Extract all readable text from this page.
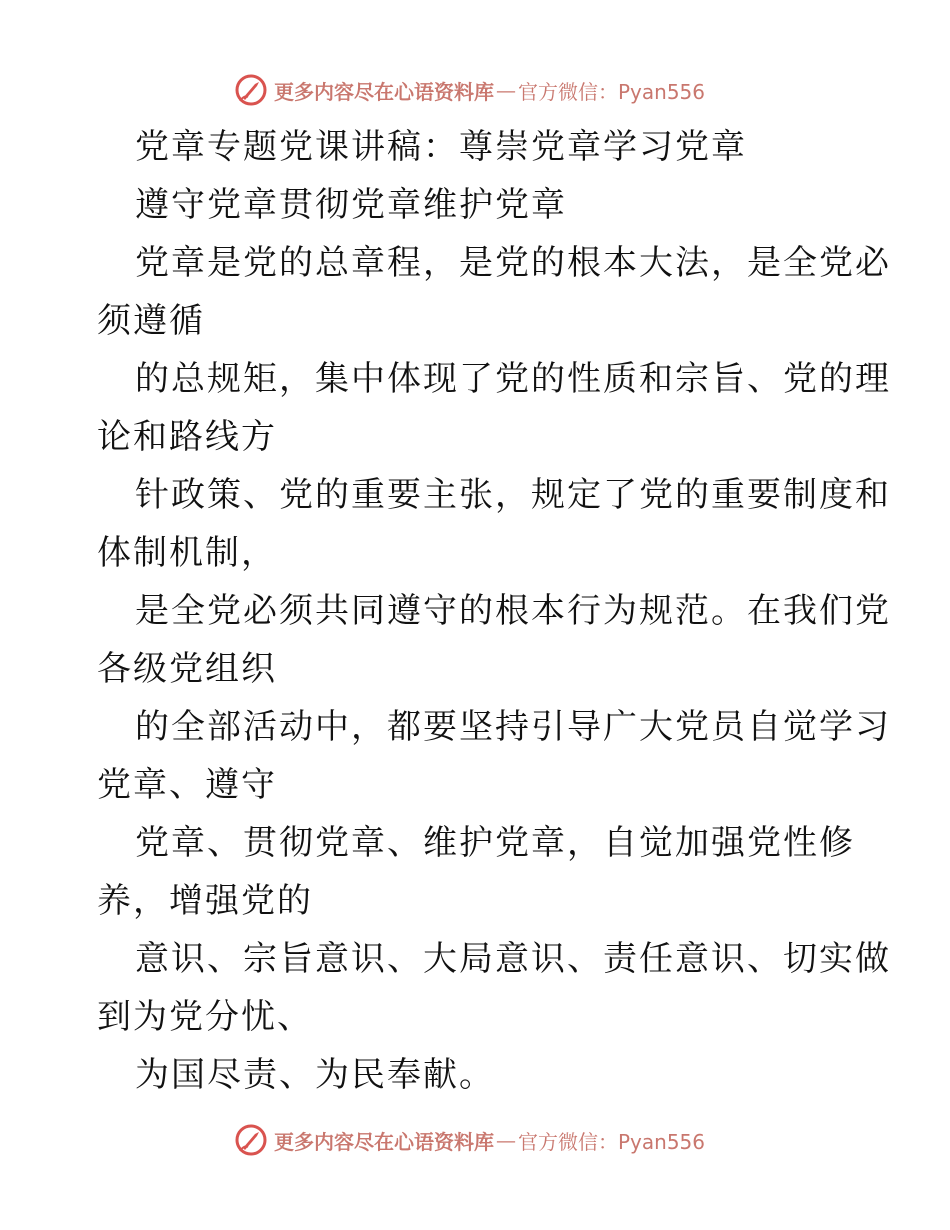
更多内容尽在心语资料库 — 官方微信：Pyan556
党章专题党课讲稿：尊崇党章学习党章
遵守党章贯彻党章维护党章
党章是党的总章程，是党的根本大法，是全党必
须遵循
的总规矩，集中体现了党的性质和宗旨、党的理
论和路线方
针政策、党的重要主张，规定了党的重要制度和
体制机制，
是全党必须共同遵守的根本行为规范。在我们党
各级党组织
的全部活动中，都要坚持引导广大党员自觉学习
党章、遵守
党章、贯彻党章、维护党章，自觉加强党性修
养，增强党的
意识、宗旨意识、大局意识、责任意识、切实做
到为党分忧、
为国尽责、为民奉献。
更多内容尽在心语资料库 — 官方微信：Pyan556
